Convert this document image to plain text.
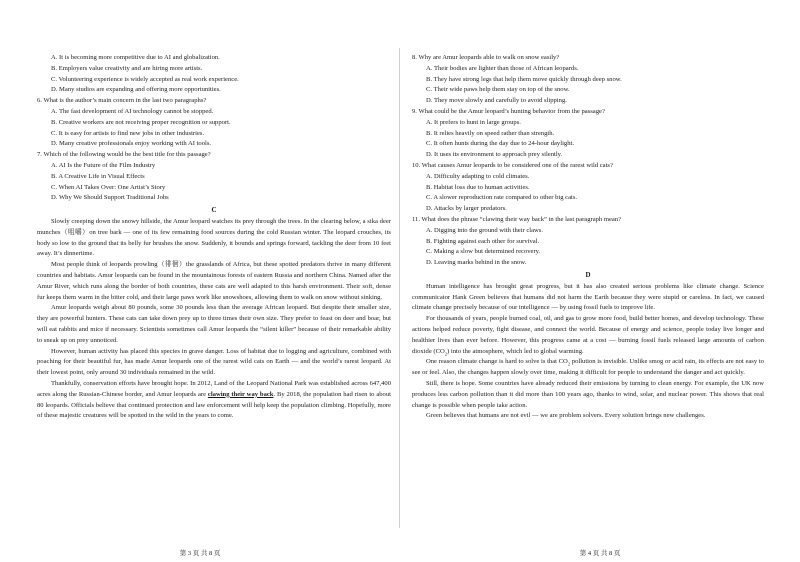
A. It is becoming more competitive due to AI and globalization.

B. Employers value creativity and are hiring more artists.

C. Volunteering experience is widely accepted as real work experience.

D. Many studios are expanding and offering more opportunities.

6. What is the author’s main concern in the last two paragraphs?

A. The fast development of AI technology cannot be stopped.

B. Creative workers are not receiving proper recognition or support.

C. It is easy for artists to find new jobs in other industries.

D. Many creative professionals enjoy working with AI tools.

7. Which of the following would be the best title for this passage?

A. AI Is the Future of the Film Industry

B. A Creative Life in Visual Effects

C. When AI Takes Over: One Artist’s Story

D. Why We Should Support Traditional Jobs

C

Slowly creeping down the snowy hillside, the Amur leopard watches its prey through the trees. In the clearing below, a sika deer munches（咀嚼）on tree bark — one of its few remaining food sources during the cold Russian winter. The leopard crouches, its body so low to the ground that its belly fur brushes the snow. Suddenly, it bounds and springs forward, tackling the deer from 10 feet away. It’s dinnertime.

Most people think of leopards prowling（徘徊）the grasslands of Africa, but these spotted predators thrive in many different countries and habitats. Amur leopards can be found in the mountainous forests of eastern Russia and northern China. Named after the Amur River, which runs along the border of both countries, these cats are well adapted to this harsh environment. Their soft, dense fur keeps them warm in the bitter cold, and their large paws work like snowshoes, allowing them to walk on snow without sinking.

Amur leopards weigh about 80 pounds, some 30 pounds less than the average African leopard. But despite their smaller size, they are powerful hunters. These cats can take down prey up to three times their own size. They prefer to feast on deer and boar, but will eat rabbits and mice if necessary. Scientists sometimes call Amur leopards the “silent killer” because of their remarkable ability to sneak up on prey unnoticed.

However, human activity has placed this species in grave danger. Loss of habitat due to logging and agriculture, combined with poaching for their beautiful fur, has made Amur leopards one of the rarest wild cats on Earth — and the world’s rarest leopard. At their lowest point, only around 30 individuals remained in the wild.

Thankfully, conservation efforts have brought hope. In 2012, Land of the Leopard National Park was established across 647,400 acres along the Russian-Chinese border, and Amur leopards are clawing their way back. By 2018, the population had risen to about 80 leopards. Officials believe that continued protection and law enforcement will help keep the population climbing. Hopefully, more of these majestic creatures will be spotted in the wild in the years to come.

第 3 页 共 8 页

8. Why are Amur leopards able to walk on snow easily?

A. Their bodies are lighter than those of African leopards.

B. They have strong legs that help them move quickly through deep snow.

C. Their wide paws help them stay on top of the snow.

D. They move slowly and carefully to avoid slipping.

9. What could be the Amur leopard’s hunting behavior from the passage?

A. It prefers to hunt in large groups.

B. It relies heavily on speed rather than strength.

C. It often hunts during the day due to 24-hour daylight.

D. It uses its environment to approach prey silently.

10. What causes Amur leopards to be considered one of the rarest wild cats?

A. Difficulty adapting to cold climates.

B. Habitat loss due to human activities.

C. A slower reproduction rate compared to other big cats.

D. Attacks by larger predators.

11. What does the phrase “clawing their way back” in the last paragraph mean?

A. Digging into the ground with their claws.

B. Fighting against each other for survival.

C. Making a slow but determined recovery.

D. Leaving marks behind in the snow.

D

Human intelligence has brought great progress, but it has also created serious problems like climate change. Science communicator Hank Green believes that humans did not harm the Earth because they were stupid or careless. In fact, we caused climate change precisely because of our intelligence — by using fossil fuels to improve life.

For thousands of years, people burned coal, oil, and gas to grow more food, build better homes, and develop technology. These actions helped reduce poverty, fight disease, and connect the world. Because of energy and science, people today live longer and healthier lives than ever before. However, this progress came at a cost — burning fossil fuels released large amounts of carbon dioxide $(CO_2)$ into the atmosphere, which led to global warming.

One reason climate change is hard to solve is that $CO_2$ pollution is invisible. Unlike smog or acid rain, its effects are not easy to see or feel. Also, the changes happen slowly over time, making it difficult for people to understand the danger and act quickly.

Still, there is hope. Some countries have already reduced their emissions by turning to clean energy. For example, the UK now produces less carbon pollution than it did more than 100 years ago, thanks to wind, solar, and nuclear power. This shows that real change is possible when people take action.

Green believes that humans are not evil — we are problem solvers. Every solution brings new challenges.

第 4 页 共 8 页
